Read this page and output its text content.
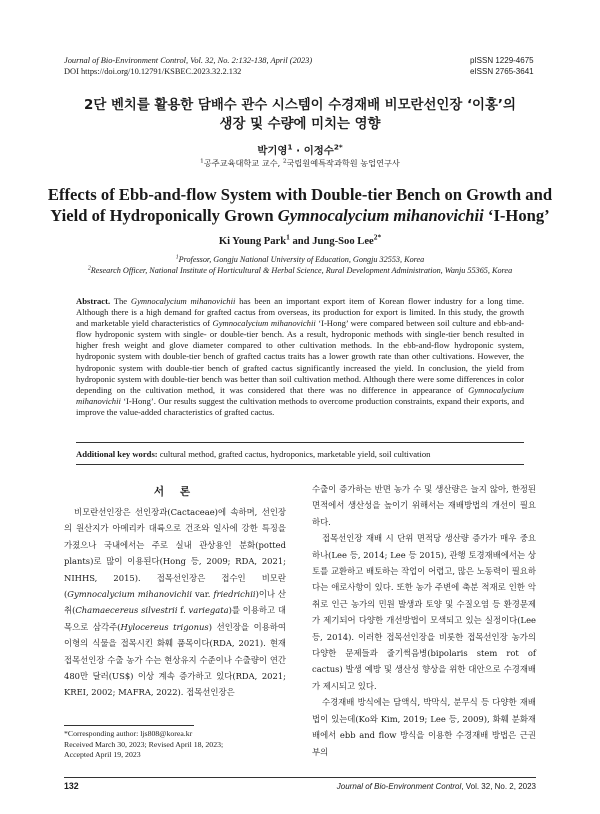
Journal of Bio-Environment Control, Vol. 32, No. 2:132-138, April (2023)
DOI https://doi.org/10.12791/KSBEC.2023.32.2.132
pISSN 1229-4675
eISSN 2765-3641
2단 벤치를 활용한 담배수 관수 시스템이 수경재배 비모란선인장 ‘이홍’의
생장 및 수량에 미치는 영향
박기영$^1$ · 이정수$^{2*}$
$^1$공주교육대학교 교수, $^2$국립원예특작과학원 농업연구사
Effects of Ebb-and-flow System with Double-tier Bench on Growth and
Yield of Hydroponically Grown Gymnocalycium mihanovichii ‘I-Hong’
Ki Young Park$^1$ and Jung-Soo Lee$^{2*}$
$^1$Professor, Gongju National University of Education, Gongju 32553, Korea
$^2$Research Officer, National Institute of Horticultural & Herbal Science, Rural Development Administration, Wanju 55365, Korea
Abstract. The Gymnocalycium mihanovichii has been an important export item of Korean flower industry for a long time. Although there is a high demand for grafted cactus from overseas, its production for export is limited. In this study, the growth and marketable yield characteristics of Gymnocalycium mihanovichii ‘I-Hong’ were compared between soil culture and ebb-and-flow hydroponic system with single- or double-tier bench. As a result, hydroponic methods with single-tier bench resulted in higher fresh weight and glove diameter compared to other cultivation methods. In the ebb-and-flow hydroponic system, hydroponic system with double-tier bench of grafted cactus traits has a lower growth rate than other cultivations. However, the hydroponic system with double-tier bench of grafted cactus significantly increased the yield. In conclusion, the yield from hydroponic system with double-tier bench was better than soil cultivation method. Although there were some differences in color depending on the cultivation method, it was considered that there was no difference in appearance of Gymnocalycium mihanovichii ‘I-Hong’. Our results suggest the cultivation methods to overcome production constraints, expand their exports, and improve the value-added characteristics of grafted cactus.
Additional key words: cultural method, grafted cactus, hydroponics, marketable yield, soil cultivation
서 론
비모란선인장은 선인장과(Cactaceae)에 속하며, 선인장의 원산지가 아메리카 대륙으로 건조와 일사에 강한 특징을 가졌으나 국내에서는 주로 실내 관상용인 분화(potted plants)로 많이 이용된다(Hong 등, 2009; RDA, 2021; NIHHS, 2015). 접목선인장은 접수인 비모란(Gymnocalycium mihanovichii var. friedrichii)이나 산취(Chamaecereus silvestrii f. variegata)를 이용하고 대목으로 삼각주(Hylocereus trigonus) 선인장을 이용하여 이형의 식물을 접목시킨 화훼 품목이다(RDA, 2021). 현재 접목선인장 수출 농가 수는 현상유지 수준이나 수출량이 연간 480만 달러(US$) 이상 계속 증가하고 있다(RDA, 2021; KREI, 2002; MAFRA, 2022). 접목선인장은
*Corresponding author: ljs808@korea.kr
Received March 30, 2023; Revised April 18, 2023;
Accepted April 19, 2023
수출이 증가하는 반면 농가 수 및 생산량은 늘지 않아, 한정된 면적에서 생산성을 높이기 위해서는 재배방법의 개선이 필요하다.
접목선인장 재배 시 단위 면적당 생산량 증가가 매우 중요하나(Lee 등, 2014; Lee 등 2015), 관행 토경재배에서는 상토를 교환하고 배토하는 작업이 어렵고, 많은 노동력이 필요하다는 애로사항이 있다. 또한 농가 주변에 축분 적재로 인한 악취로 인근 농가의 민원 발생과 토양 및 수질오염 등 환경문제가 제기되어 다양한 개선방법이 모색되고 있는 실정이다(Lee 등, 2014). 이러한 접목선인장을 비롯한 접목선인장 농가의 다양한 문제들과 줄기썩음병(bipolaris stem rot of cactus) 발생 예방 및 생산성 향상을 위한 대안으로 수경재배가 제시되고 있다.
수경재배 방식에는 담액식, 박막식, 분무식 등 다양한 재배법이 있는데(Ko와 Kim, 2019; Lee 등, 2009), 화훼 분화재배에서 ebb and flow 방식을 이용한 수경재배 방법은 근권부의
132	Journal of Bio-Environment Control, Vol. 32, No. 2, 2023
